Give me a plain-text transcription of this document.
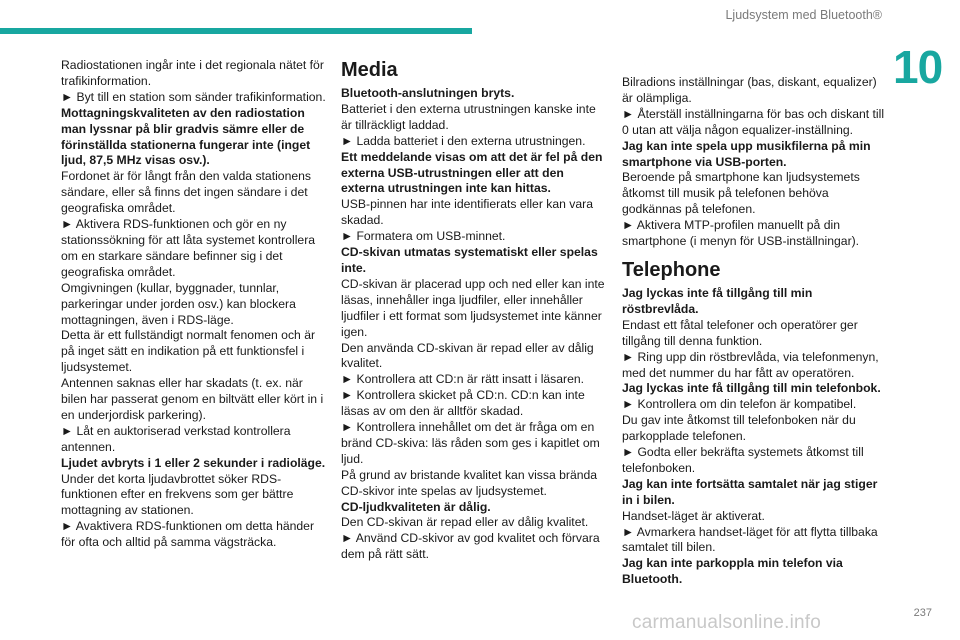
Ljudsystem med Bluetooth®
10

Radiostationen ingår inte i det regionala nätet för trafikinformation.

► Byt till en station som sänder trafikinformation.

Mottagningskvaliteten av den radiostation man lyssnar på blir gradvis sämre eller de förinställda stationerna fungerar inte (inget ljud, 87,5 MHz visas osv.).

Fordonet är för långt från den valda stationens sändare, eller så finns det ingen sändare i det geografiska området.

► Aktivera RDS-funktionen och gör en ny stationssökning för att låta systemet kontrollera om en starkare sändare befinner sig i det geografiska området.

Omgivningen (kullar, byggnader, tunnlar, parkeringar under jorden osv.) kan blockera mottagningen, även i RDS-läge.

Detta är ett fullständigt normalt fenomen och är på inget sätt en indikation på ett funktionsfel i ljudsystemet.

Antennen saknas eller har skadats (t. ex. när bilen har passerat genom en biltvätt eller kört in i en underjordisk parkering).

► Låt en auktoriserad verkstad kontrollera antennen.

Ljudet avbryts i 1 eller 2 sekunder i radioläge.

Under det korta ljudavbrottet söker RDS-funktionen efter en frekvens som ger bättre mottagning av stationen.

► Avaktivera RDS-funktionen om detta händer för ofta och alltid på samma vägsträcka.

Media

Bluetooth-anslutningen bryts.

Batteriet i den externa utrustningen kanske inte är tillräckligt laddad.

► Ladda batteriet i den externa utrustningen.

Ett meddelande visas om att det är fel på den externa USB-utrustningen eller att den externa utrustningen inte kan hittas.

USB-pinnen har inte identifierats eller kan vara skadad.

► Formatera om USB-minnet.

CD-skivan utmatas systematiskt eller spelas inte.

CD-skivan är placerad upp och ned eller kan inte läsas, innehåller inga ljudfiler, eller innehåller ljudfiler i ett format som ljudsystemet inte känner igen.

Den använda CD-skivan är repad eller av dålig kvalitet.

► Kontrollera att CD:n är rätt insatt i läsaren.

► Kontrollera skicket på CD:n. CD:n kan inte läsas av om den är alltför skadad.

► Kontrollera innehållet om det är fråga om en bränd CD-skiva: läs råden som ges i kapitlet om ljud.

På grund av bristande kvalitet kan vissa brända CD-skivor inte spelas av ljudsystemet.

CD-ljudkvaliteten är dålig.

Den CD-skivan är repad eller av dålig kvalitet.

► Använd CD-skivor av god kvalitet och förvara dem på rätt sätt.

Bilradions inställningar (bas, diskant, equalizer) är olämpliga.

► Återställ inställningarna för bas och diskant till 0 utan att välja någon equalizer-inställning.

Jag kan inte spela upp musikfilerna på min smartphone via USB-porten.

Beroende på smartphone kan ljudsystemets åtkomst till musik på telefonen behöva godkännas på telefonen.

► Aktivera MTP-profilen manuellt på din smartphone (i menyn för USB-inställningar).

Telephone

Jag lyckas inte få tillgång till min röstbrevlåda.

Endast ett fåtal telefoner och operatörer ger tillgång till denna funktion.

► Ring upp din röstbrevlåda, via telefonmenyn, med det nummer du har fått av operatören.

Jag lyckas inte få tillgång till min telefonbok.

► Kontrollera om din telefon är kompatibel.

Du gav inte åtkomst till telefonboken när du parkopplade telefonen.

► Godta eller bekräfta systemets åtkomst till telefonboken.

Jag kan inte fortsätta samtalet när jag stiger in i bilen.

Handset-läget är aktiverat.

► Avmarkera handset-läget för att flytta tillbaka samtalet till bilen.

Jag kan inte parkoppla min telefon via Bluetooth.

237
carmanualsonline.info
